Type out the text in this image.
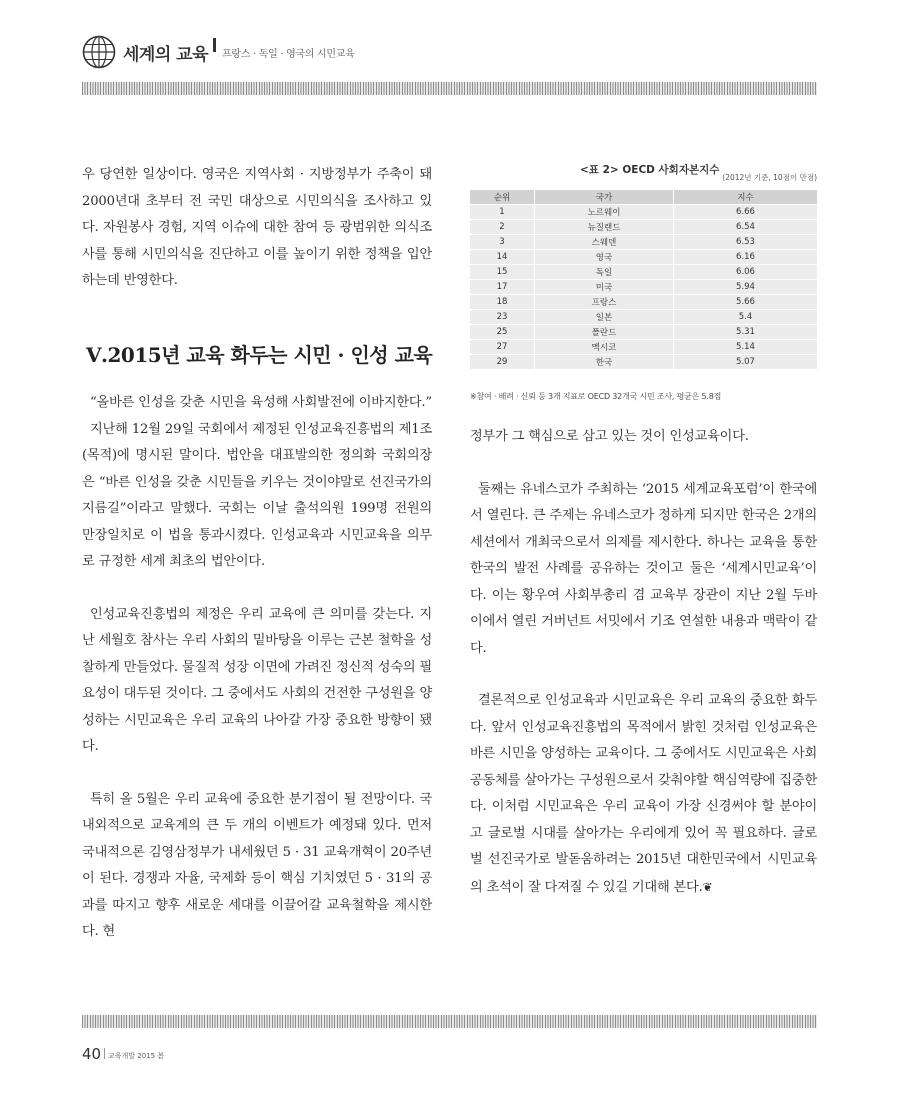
세계의 교육 프랑스 · 독일 · 영국의 시민교육

우 당연한 일상이다. 영국은 지역사회 · 지방정부가 주축이 돼 2000년대 초부터 전 국민 대상으로 시민의식을 조사하고 있다. 자원봉사 경험, 지역 이슈에 대한 참여 등 광범위한 의식조사를 통해 시민의식을 진단하고 이를 높이기 위한 정책을 입안하는데 반영한다.

Ⅴ.2015년 교육 화두는 시민 · 인성 교육

“올바른 인성을 갖춘 시민을 육성해 사회발전에 이바지한다.”

지난해 12월 29일 국회에서 제정된 인성교육진흥법의 제1조(목적)에 명시된 말이다. 법안을 대표발의한 정의화 국회의장은 “바른 인성을 갖춘 시민들을 키우는 것이야말로 선진국가의 지름길”이라고 말했다. 국회는 이날 출석의원 199명 전원의 만장일치로 이 법을 통과시켰다. 인성교육과 시민교육을 의무로 규정한 세계 최초의 법안이다.

인성교육진흥법의 제정은 우리 교육에 큰 의미를 갖는다. 지난 세월호 참사는 우리 사회의 밑바탕을 이루는 근본 철학을 성찰하게 만들었다. 물질적 성장 이면에 가려진 정신적 성숙의 필요성이 대두된 것이다. 그 중에서도 사회의 건전한 구성원을 양성하는 시민교육은 우리 교육의 나아갈 가장 중요한 방향이 됐다.

특히 올 5월은 우리 교육에 중요한 분기점이 될 전망이다. 국내외적으로 교육계의 큰 두 개의 이벤트가 예정돼 있다. 먼저 국내적으론 김영삼정부가 내세웠던 5 · 31 교육개혁이 20주년이 된다. 경쟁과 자율, 국제화 등이 핵심 기치였던 5 · 31의 공과를 따지고 향후 새로운 세대를 이끌어갈 교육철학을 제시한다. 현

<표 2> OECD 사회자본지수
(2012년 기준, 10점이 만점)
순위	국가	지수
1	노르웨이	6.66
2	뉴질랜드	6.54
3	스웨덴	6.53
14	영국	6.16
15	독일	6.06
17	미국	5.94
18	프랑스	5.66
23	일본	5.4
25	폴란드	5.31
27	멕시코	5.14
29	한국	5.07
※참여 · 배려 · 신뢰 등 3개 지표로 OECD 32개국 시민 조사, 평균은 5.8점

정부가 그 핵심으로 삼고 있는 것이 인성교육이다.

둘째는 유네스코가 주최하는 ‘2015 세계교육포럼’이 한국에서 열린다. 큰 주제는 유네스코가 정하게 되지만 한국은 2개의 세션에서 개최국으로서 의제를 제시한다. 하나는 교육을 통한 한국의 발전 사례를 공유하는 것이고 둘은 ‘세계시민교육’이다. 이는 황우여 사회부총리 겸 교육부 장관이 지난 2월 두바이에서 열린 거버넌트 서밋에서 기조 연설한 내용과 맥락이 같다.

결론적으로 인성교육과 시민교육은 우리 교육의 중요한 화두다. 앞서 인성교육진흥법의 목적에서 밝힌 것처럼 인성교육은 바른 시민을 양성하는 교육이다. 그 중에서도 시민교육은 사회공동체를 살아가는 구성원으로서 갖춰야할 핵심역량에 집중한다. 이처럼 시민교육은 우리 교육이 가장 신경써야 할 분야이고 글로벌 시대를 살아가는 우리에게 있어 꼭 필요하다. 글로벌 선진국가로 발돋움하려는 2015년 대한민국에서 시민교육의 초석이 잘 다져질 수 있길 기대해 본다.❦

40 교육개발 2015 봄
